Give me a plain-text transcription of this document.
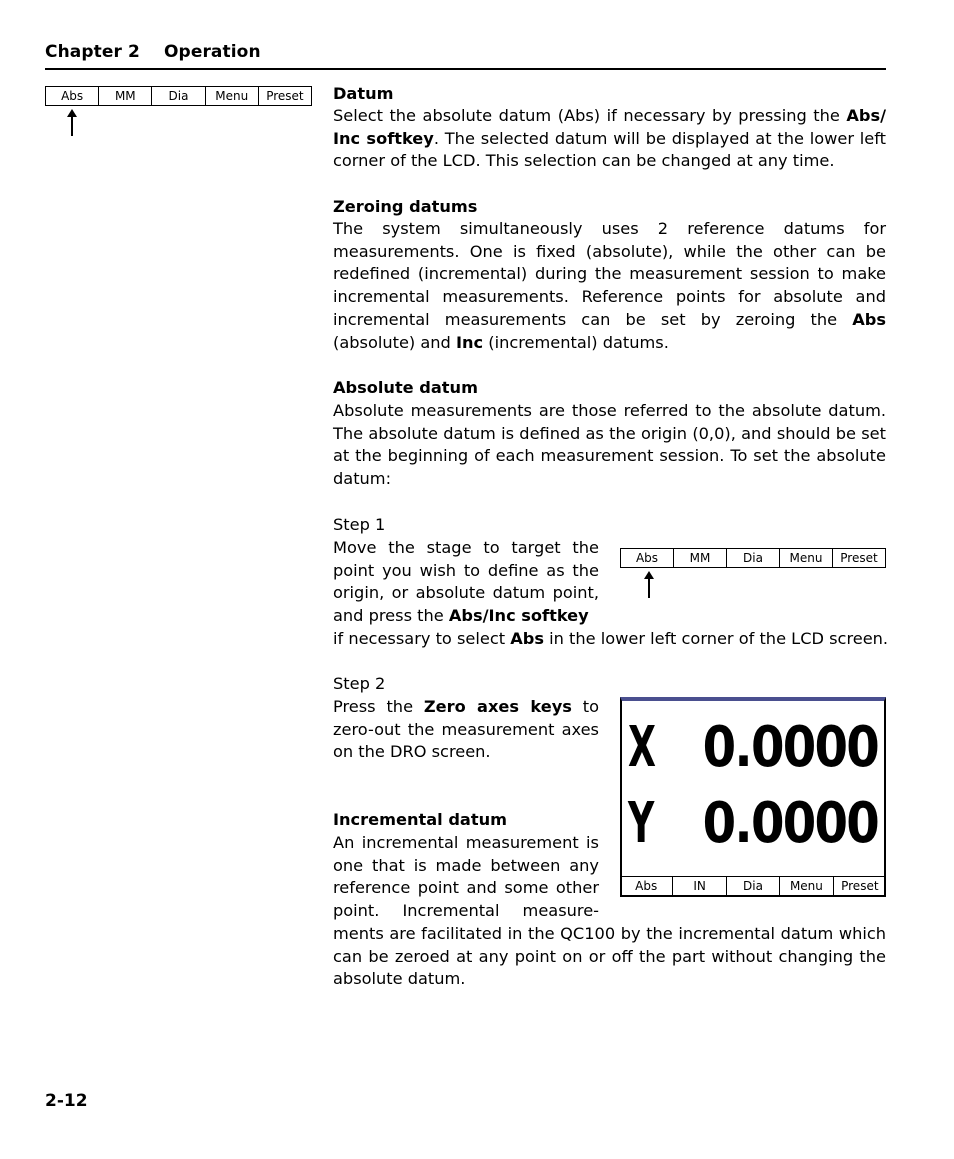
Chapter 2 Operation
Abs	MM	Dia	Menu	Preset	Datum
Select the absolute datum (Abs) if necessary by pressing the Abs/ Inc softkey. The selected datum will be displayed at the lower left corner of the LCD. This selection can be changed at any time.
Zeroing datums
The system simultaneously uses 2 reference datums for measurements. One is fixed (absolute), while the other can be redefined (incremental) during the measurement session to make incremental measurements. Reference points for absolute and incremental measurements can be set by zeroing the Abs (absolute) and Inc (incremental) datums.
Absolute datum
Absolute measurements are those referred to the absolute datum. The absolute datum is defined as the origin (0,0), and should be set at the beginning of each measurement session. To set the absolute datum:
Step 1
Move the stage to target the point you wish to define as the origin, or absolute datum point, and press the Abs/Inc softkey
if necessary to select Abs in the lower left corner of the LCD screen.
Abs	MM	Dia	Menu	Preset
Step 2
Press the Zero axes keys to zero-out the measurement axes on the DRO screen.	X 0.0000
Y 0.0000
Abs	IN	Dia	Menu	Preset
Incremental datum
An incremental measurement is one that is made between any reference point and some other point. Incremental measure-
ments are facilitated in the QC100 by the incremental datum which can be zeroed at any point on or off the part without changing the absolute datum.
2-12
